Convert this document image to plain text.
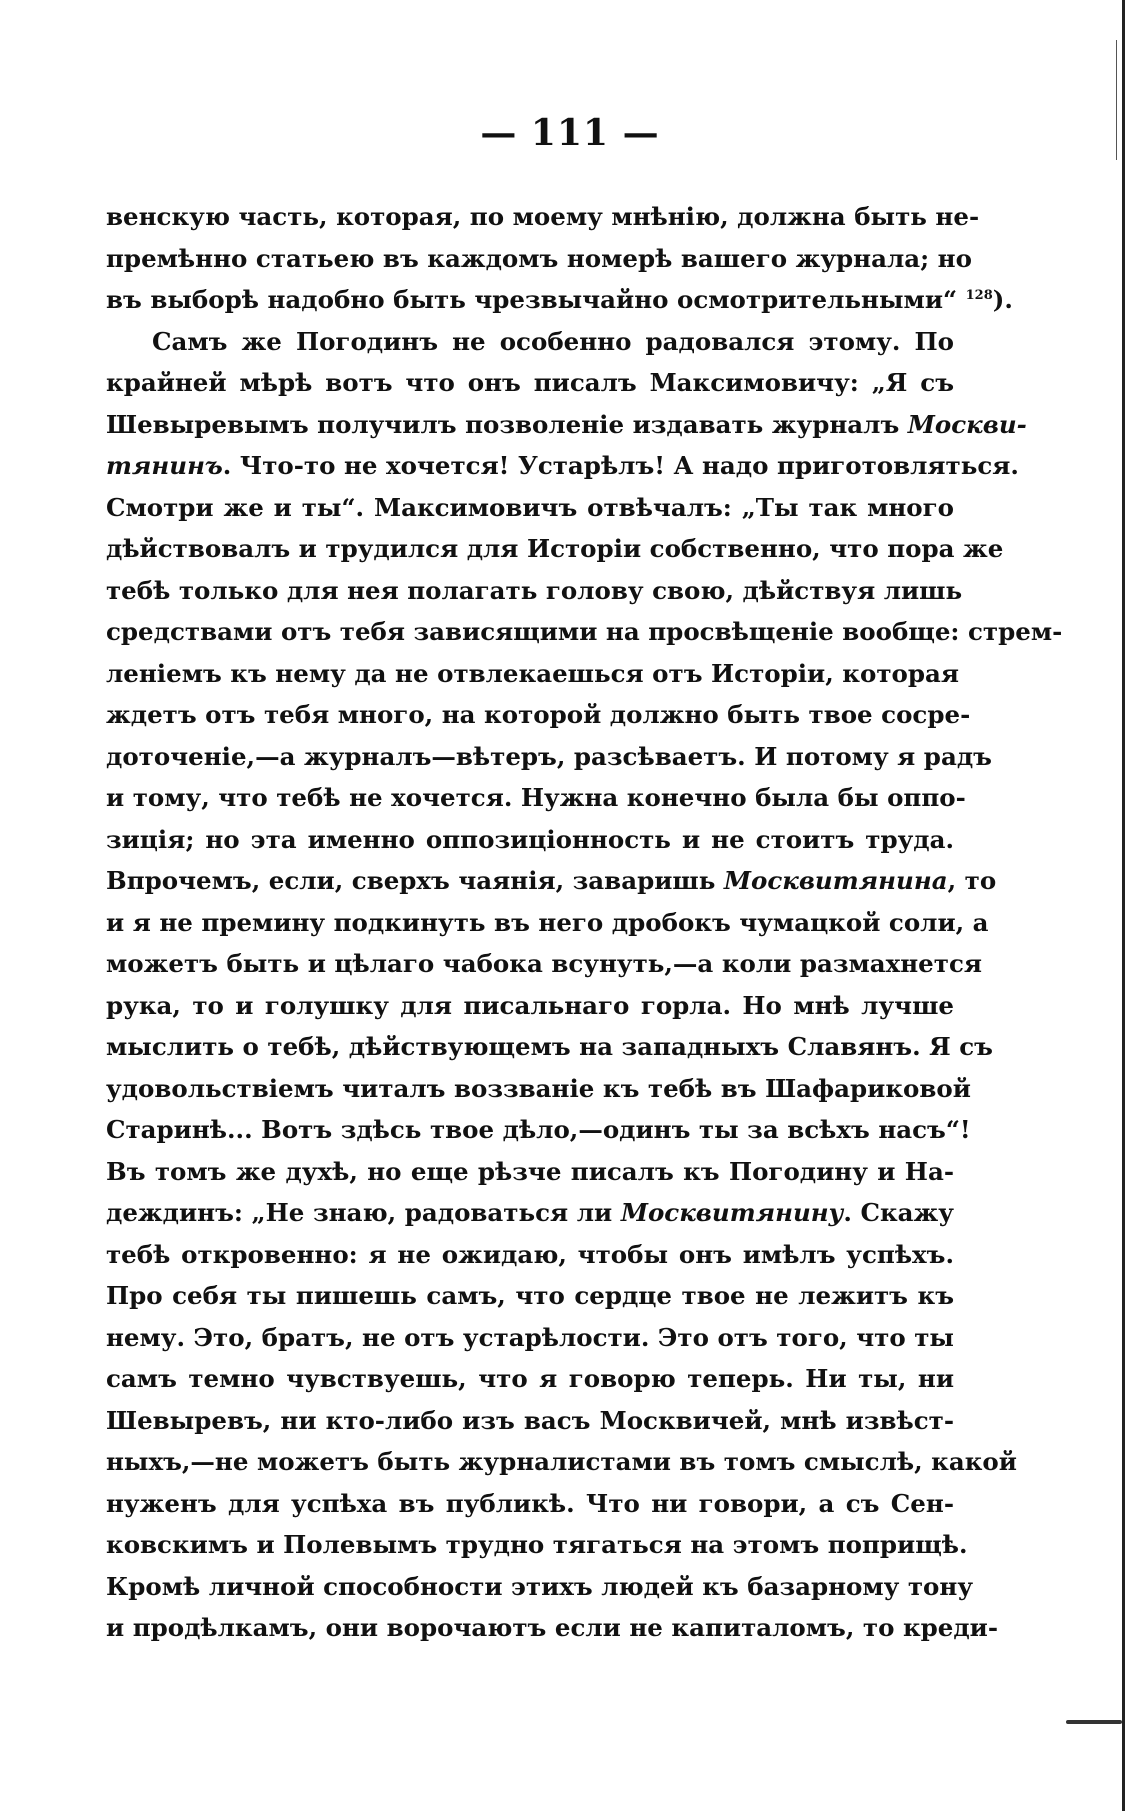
— 111 —
венскую часть, которая, по моему мнѣнію, должна быть не-
премѣнно статьею въ каждомъ номерѣ вашего журнала; но
въ выборѣ надобно быть чрезвычайно осмотрительными“ $^{128}$).
Самъ же Погодинъ не особенно радовался этому. По
крайней мѣрѣ вотъ что онъ писалъ Максимовичу: „Я съ
Шевыревымъ получилъ позволеніе издавать журналъ Москви-
тянинъ. Что-то не хочется! Устарѣлъ! А надо приготовляться.
Смотри же и ты“. Максимовичъ отвѣчалъ: „Ты так много
дѣйствовалъ и трудился для Исторіи собственно, что пора же
тебѣ только для нея полагать голову свою, дѣйствуя лишь
средствами отъ тебя зависящими на просвѣщеніе вообще: стрем-
леніемъ къ нему да не отвлекаешься отъ Исторіи, которая
ждетъ отъ тебя много, на которой должно быть твое сосре-
доточеніе,—а журналъ—вѣтеръ, разсѣваетъ. И потому я радъ
и тому, что тебѣ не хочется. Нужна конечно была бы оппо-
зиція; но эта именно оппозиціонность и не стоитъ труда.
Впрочемъ, если, сверхъ чаянія, заваришь Москвитянина, то
и я не премину подкинуть въ него дробокъ чумацкой соли, а
можетъ быть и цѣлаго чабока всунуть,—а коли размахнется
рука, то и голушку для писальнаго горла. Но мнѣ лучше
мыслить о тебѣ, дѣйствующемъ на западныхъ Славянъ. Я съ
удовольствіемъ читалъ воззваніе къ тебѣ въ Шафариковой
Старинѣ... Вотъ здѣсь твое дѣло,—одинъ ты за всѣхъ насъ“!
Въ томъ же духѣ, но еще рѣзче писалъ къ Погодину и На-
деждинъ: „Не знаю, радоваться ли Москвитянину. Скажу
тебѣ откровенно: я не ожидаю, чтобы онъ имѣлъ успѣхъ.
Про себя ты пишешь самъ, что сердце твое не лежитъ къ
нему. Это, братъ, не отъ устарѣлости. Это отъ того, что ты
самъ темно чувствуешь, что я говорю теперь. Ни ты, ни
Шевыревъ, ни кто-либо изъ васъ Москвичей, мнѣ извѣст-
ныхъ,—не можетъ быть журналистами въ томъ смыслѣ, какой
нуженъ для успѣха въ публикѣ. Что ни говори, а съ Сен-
ковскимъ и Полевымъ трудно тягаться на этомъ поприщѣ.
Кромѣ личной способности этихъ людей къ базарному тону
и продѣлкамъ, они ворочаютъ если не капиталомъ, то креди-
